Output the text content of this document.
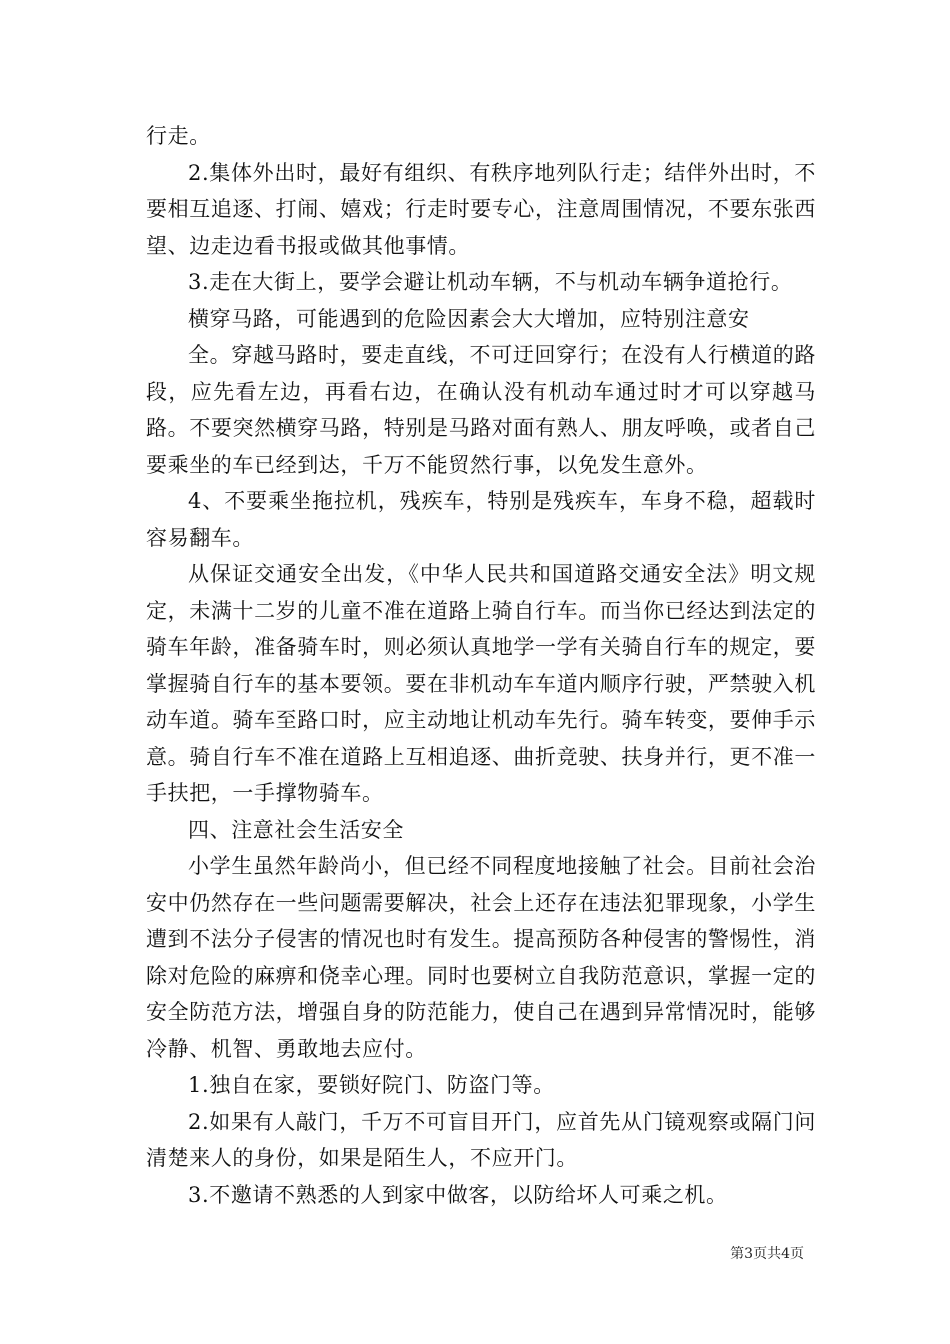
行走。

2.集体外出时，最好有组织、有秩序地列队行走；结伴外出时，不要相互追逐、打闹、嬉戏；行走时要专心，注意周围情况，不要东张西望、边走边看书报或做其他事情。

3.走在大街上，要学会避让机动车辆，不与机动车辆争道抢行。

横穿马路，可能遇到的危险因素会大大增加，应特别注意安

全。穿越马路时，要走直线，不可迂回穿行；在没有人行横道的路段，应先看左边，再看右边，在确认没有机动车通过时才可以穿越马路。不要突然横穿马路，特别是马路对面有熟人、朋友呼唤，或者自己要乘坐的车已经到达，千万不能贸然行事，以免发生意外。

4、不要乘坐拖拉机，残疾车，特别是残疾车，车身不稳，超载时容易翻车。

从保证交通安全出发，《中华人民共和国道路交通安全法》明文规定，未满十二岁的儿童不准在道路上骑自行车。而当你已经达到法定的骑车年龄，准备骑车时，则必须认真地学一学有关骑自行车的规定，要掌握骑自行车的基本要领。要在非机动车车道内顺序行驶，严禁驶入机动车道。骑车至路口时，应主动地让机动车先行。骑车转变，要伸手示意。骑自行车不准在道路上互相追逐、曲折竞驶、扶身并行，更不准一手扶把，一手撑物骑车。

四、注意社会生活安全

小学生虽然年龄尚小，但已经不同程度地接触了社会。目前社会治安中仍然存在一些问题需要解决，社会上还存在违法犯罪现象，小学生遭到不法分子侵害的情况也时有发生。提高预防各种侵害的警惕性，消除对危险的麻痹和侥幸心理。同时也要树立自我防范意识，掌握一定的安全防范方法，增强自身的防范能力，使自己在遇到异常情况时，能够冷静、机智、勇敢地去应付。

1.独自在家，要锁好院门、防盗门等。

2.如果有人敲门，千万不可盲目开门，应首先从门镜观察或隔门问清楚来人的身份，如果是陌生人，不应开门。

3.不邀请不熟悉的人到家中做客，以防给坏人可乘之机。

第3页共4页
